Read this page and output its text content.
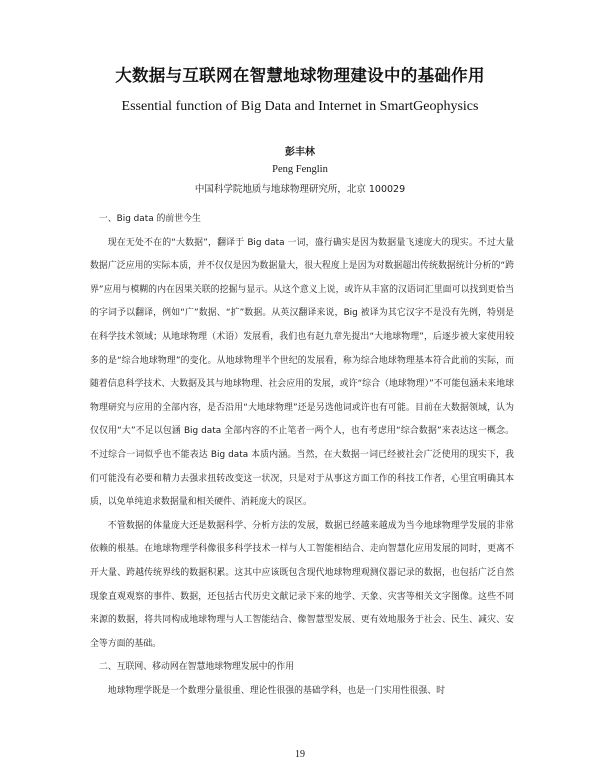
大数据与互联网在智慧地球物理建设中的基础作用
Essential function of Big Data and Internet in SmartGeophysics
彭丰林
Peng Fenglin
中国科学院地质与地球物理研究所，北京 100029
一、Big data 的前世今生

现在无处不在的“大数据”，翻译于 Big data 一词，盛行确实是因为数据量飞速庞大的现实。不过大量数据广泛应用的实际本质，并不仅仅是因为数据量大，很大程度上是因为对数据超出传统数据统计分析的“跨界”应用与模糊的内在因果关联的挖掘与显示。从这个意义上说，或许从丰富的汉语词汇里面可以找到更恰当的字词予以翻译，例如“广”数据、“扩”数据。从英汉翻译来说，Big 被译为其它汉字不是没有先例，特别是在科学技术领域；从地球物理（术语）发展看，我们也有赵九章先提出“大地球物理”，后逐步被大家使用较多的是“综合地球物理”的变化。从地球物理半个世纪的发展看，称为综合地球物理基本符合此前的实际，而随着信息科学技术、大数据及其与地球物理、社会应用的发展，或许“综合（地球物理）”不可能包涵未来地球物理研究与应用的全部内容，是否沿用“大地球物理”还是另选他词或许也有可能。目前在大数据领域，认为仅仅用“大”不足以包涵 Big data 全部内容的不止笔者一两个人，也有考虑用“综合数据”来表达这一概念。不过综合一词似乎也不能表达 Big data 本质内涵。当然，在大数据一词已经被社会广泛使用的现实下，我们可能没有必要和精力去强求扭转改变这一状况，只是对于从事这方面工作的科技工作者，心里宜明确其本质，以免单纯追求数据量和相关硬件、消耗庞大的误区。

不管数据的体量庞大还是数据科学、分析方法的发展，数据已经越来越成为当今地球物理学发展的非常依赖的根基。在地球物理学科像很多科学技术一样与人工智能相结合、走向智慧化应用发展的同时，更离不开大量、跨越传统界线的数据积累。这其中应该既包含现代地球物理观测仪器记录的数据，也包括广泛自然现象直观观察的事件、数据，还包括古代历史文献记录下来的地学、天象、灾害等相关文字图像。这些不同来源的数据，将共同构成地球物理与人工智能结合、像智慧型发展、更有效地服务于社会、民生、减灾、安全等方面的基础。

二、互联网、移动网在智慧地球物理发展中的作用

地球物理学既是一个数理分量很重、理论性很强的基础学科，也是一门实用性很强、时

19
